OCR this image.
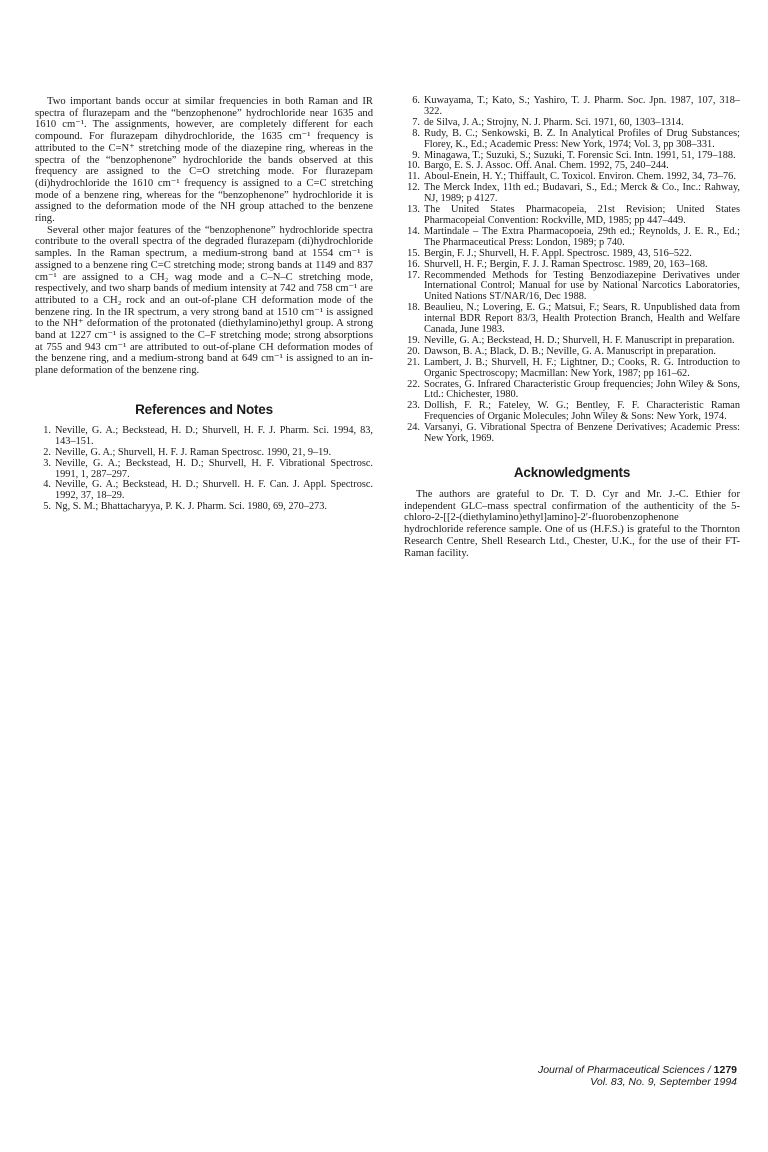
Two important bands occur at similar frequencies in both Raman and IR spectra of flurazepam and the “benzophenone” hydrochloride near 1635 and 1610 cm⁻¹. The assignments, however, are completely different for each compound. For flurazepam dihydrochloride, the 1635 cm⁻¹ frequency is attributed to the C=N⁺ stretching mode of the diazepine ring, whereas in the spectra of the “benzophenone” hydrochloride the bands observed at this frequency are assigned to the C=O stretching mode. For flurazepam (di)hydrochloride the 1610 cm⁻¹ frequency is assigned to a C=C stretching mode of a benzene ring, whereas for the “benzophenone” hydrochloride it is assigned to the deformation mode of the NH group attached to the benzene ring.

Several other major features of the “benzophenone” hydrochloride spectra contribute to the overall spectra of the degraded flurazepam (di)hydrochloride samples. In the Raman spectrum, a medium-strong band at 1554 cm⁻¹ is assigned to a benzene ring C=C stretching mode; strong bands at 1149 and 837 cm⁻¹ are assigned to a CH₂ wag mode and a C–N–C stretching mode, respectively, and two sharp bands of medium intensity at 742 and 758 cm⁻¹ are attributed to a CH₂ rock and an out-of-plane CH deformation mode of the benzene ring. In the IR spectrum, a very strong band at 1510 cm⁻¹ is assigned to the NH⁺ deformation of the protonated (diethylamino)ethyl group. A strong band at 1227 cm⁻¹ is assigned to the C–F stretching mode; strong absorptions at 755 and 943 cm⁻¹ are attributed to out-of-plane CH deformation modes of the benzene ring, and a medium-strong band at 649 cm⁻¹ is assigned to an in-plane deformation of the benzene ring.

References and Notes
1. Neville, G. A.; Beckstead, H. D.; Shurvell, H. F. J. Pharm. Sci. 1994, 83, 143–151.
2. Neville, G. A.; Shurvell, H. F. J. Raman Spectrosc. 1990, 21, 9–19.
3. Neville, G. A.; Beckstead, H. D.; Shurvell, H. F. Vibrational Spectrosc. 1991, 1, 287–297.
4. Neville, G. A.; Beckstead, H. D.; Shurvell. H. F. Can. J. Appl. Spectrosc. 1992, 37, 18–29.
5. Ng, S. M.; Bhattacharyya, P. K. J. Pharm. Sci. 1980, 69, 270–273.
6. Kuwayama, T.; Kato, S.; Yashiro, T. J. Pharm. Soc. Jpn. 1987, 107, 318–322.
7. de Silva, J. A.; Strojny, N. J. Pharm. Sci. 1971, 60, 1303–1314.
8. Rudy, B. C.; Senkowski, B. Z. In Analytical Profiles of Drug Substances; Florey, K., Ed.; Academic Press: New York, 1974; Vol. 3, pp 308–331.
9. Minagawa, T.; Suzuki, S.; Suzuki, T. Forensic Sci. Intn. 1991, 51, 179–188.
10. Bargo, E. S. J. Assoc. Off. Anal. Chem. 1992, 75, 240–244.
11. Aboul-Enein, H. Y.; Thiffault, C. Toxicol. Environ. Chem. 1992, 34, 73–76.
12. The Merck Index, 11th ed.; Budavari, S., Ed.; Merck & Co., Inc.: Rahway, NJ, 1989; p 4127.
13. The United States Pharmacopeia, 21st Revision; United States Pharmacopeial Convention: Rockville, MD, 1985; pp 447–449.
14. Martindale – The Extra Pharmacopoeia, 29th ed.; Reynolds, J. E. R., Ed.; The Pharmaceutical Press: London, 1989; p 740.
15. Bergin, F. J.; Shurvell, H. F. Appl. Spectrosc. 1989, 43, 516–522.
16. Shurvell, H. F.; Bergin, F. J. J. Raman Spectrosc. 1989, 20, 163–168.
17. Recommended Methods for Testing Benzodiazepine Derivatives under International Control; Manual for use by National Narcotics Laboratories, United Nations ST/NAR/16, Dec 1988.
18. Beaulieu, N.; Lovering, E. G.; Matsui, F.; Sears, R. Unpublished data from internal BDR Report 83/3, Health Protection Branch, Health and Welfare Canada, June 1983.
19. Neville, G. A.; Beckstead, H. D.; Shurvell, H. F. Manuscript in preparation.
20. Dawson, B. A.; Black, D. B.; Neville, G. A. Manuscript in preparation.
21. Lambert, J. B.; Shurvell, H. F.; Lightner, D.; Cooks, R. G. Introduction to Organic Spectroscopy; Macmillan: New York, 1987; pp 161–62.
22. Socrates, G. Infrared Characteristic Group frequencies; John Wiley & Sons, Ltd.: Chichester, 1980.
23. Dollish, F. R.; Fateley, W. G.; Bentley, F. F. Characteristic Raman Frequencies of Organic Molecules; John Wiley & Sons: New York, 1974.
24. Varsanyi, G. Vibrational Spectra of Benzene Derivatives; Academic Press: New York, 1969.
Acknowledgments

The authors are grateful to Dr. T. D. Cyr and Mr. J.-C. Ethier for independent GLC–mass spectral confirmation of the authenticity of the 5-chloro-2-[[2-(diethylamino)ethyl]amino]-2′-fluorobenzophenone hydrochloride reference sample. One of us (H.F.S.) is grateful to the Thornton Research Centre, Shell Research Ltd., Chester, U.K., for the use of their FT-Raman facility.

Journal of Pharmaceutical Sciences / 1279
Vol. 83, No. 9, September 1994
